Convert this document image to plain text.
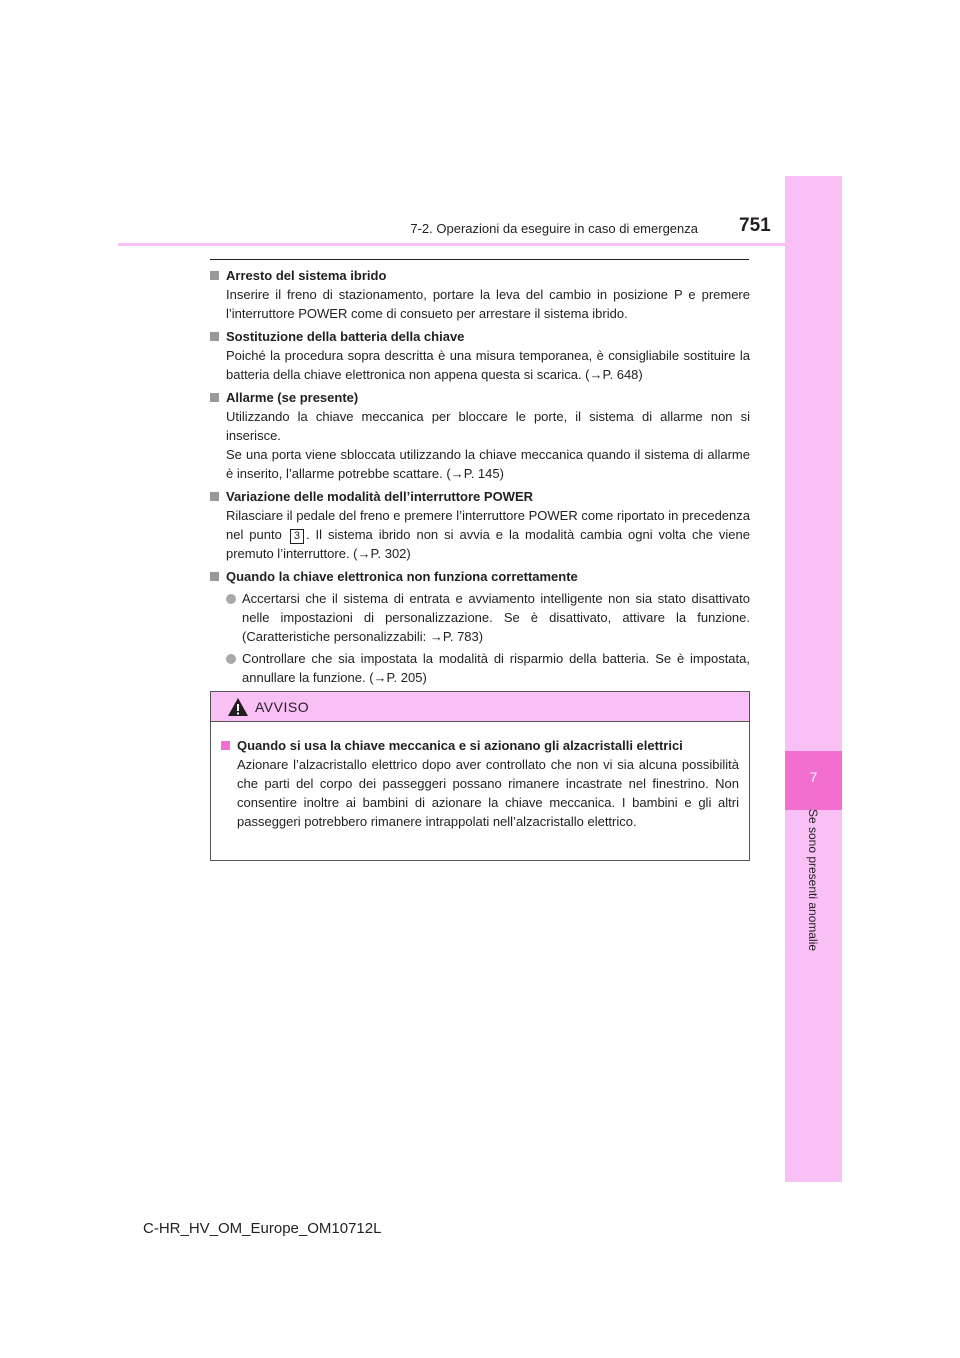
7
Se sono presenti anomalie
7-2. Operazioni da eseguire in caso di emergenza 751
Arresto del sistema ibrido
Inserire il freno di stazionamento, portare la leva del cambio in posizione P e premere l’interruttore POWER come di consueto per arrestare il sistema ibrido.
Sostituzione della batteria della chiave
Poiché la procedura sopra descritta è una misura temporanea, è consigliabile sostituire la batteria della chiave elettronica non appena questa si scarica. (→P. 648)
Allarme (se presente)
Utilizzando la chiave meccanica per bloccare le porte, il sistema di allarme non si inserisce.
Se una porta viene sbloccata utilizzando la chiave meccanica quando il sistema di allarme è inserito, l’allarme potrebbe scattare. (→P. 145)
Variazione delle modalità dell’interruttore POWER
Rilasciare il pedale del freno e premere l’interruttore POWER come riportato in precedenza nel punto 3 . Il sistema ibrido non si avvia e la modalità cambia ogni volta che viene premuto l’interruttore. (→P. 302)
Quando la chiave elettronica non funziona correttamente
Accertarsi che il sistema di entrata e avviamento intelligente non sia stato disattivato nelle impostazioni di personalizzazione. Se è disattivato, attivare la funzione. (Caratteristiche personalizzabili: →P. 783)
Controllare che sia impostata la modalità di risparmio della batteria. Se è impostata, annullare la funzione. (→P. 205)
AVVISO
Quando si usa la chiave meccanica e si azionano gli alzacristalli elettrici
Azionare l’alzacristallo elettrico dopo aver controllato che non vi sia alcuna possibilità che parti del corpo dei passeggeri possano rimanere incastrate nel finestrino. Non consentire inoltre ai bambini di azionare la chiave meccanica. I bambini e gli altri passeggeri potrebbero rimanere intrappolati nell’alzacristallo elettrico.
C-HR_HV_OM_Europe_OM10712L
